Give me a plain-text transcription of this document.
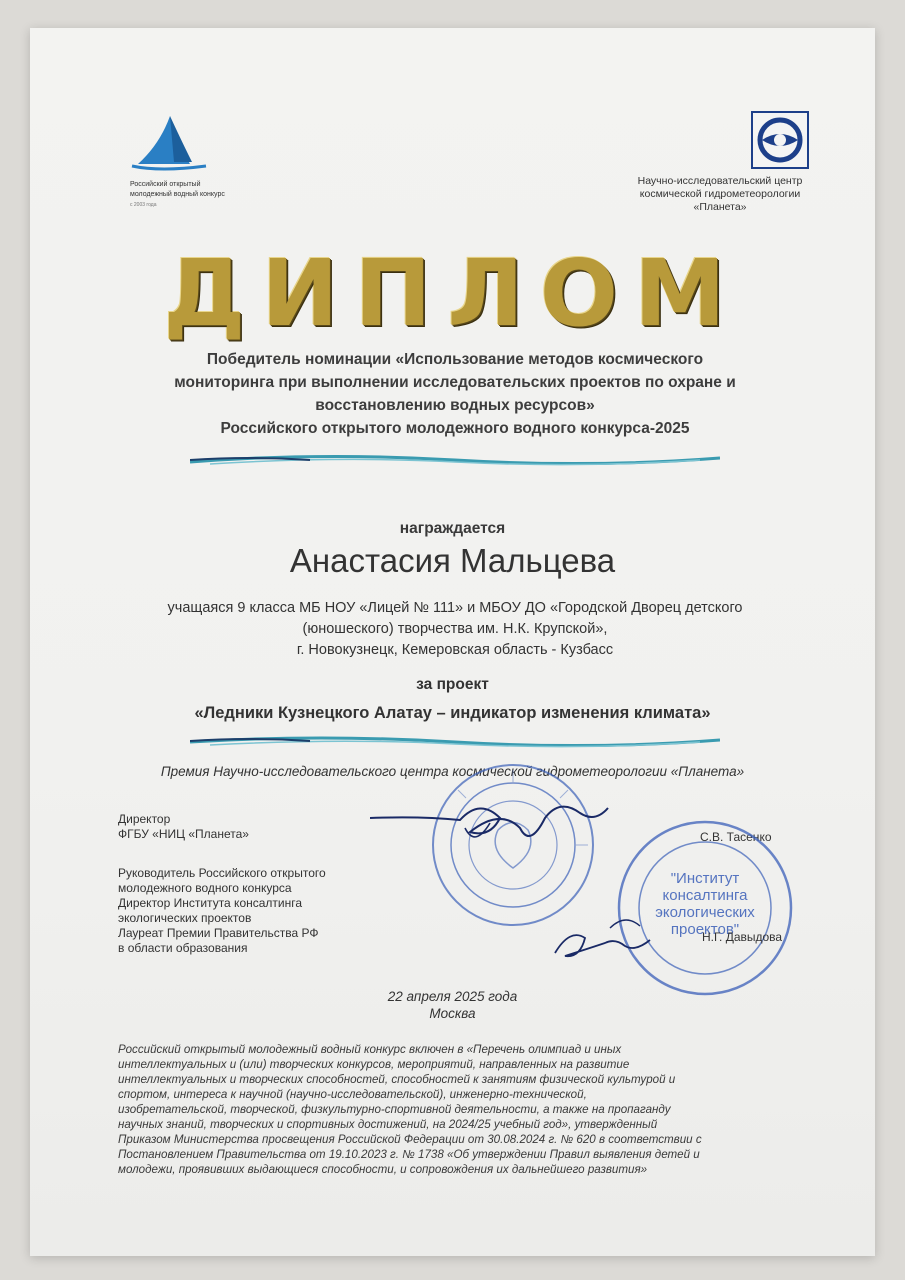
Российский открытый
молодежный водный конкурс
с 2003 года
Научно-исследовательский центр
космической гидрометеорологии
«Планета»
ДИПЛОМ
Победитель номинации «Использование методов космического
мониторинга при выполнении исследовательских проектов по охране и
восстановлению водных ресурсов»
Российского открытого молодежного водного конкурса-2025
награждается
Анастасия Мальцева
учащаяся 9 класса МБ НОУ «Лицей № 111» и МБОУ ДО «Городской Дворец детского
(юношеского) творчества им. Н.К. Крупской»,
г. Новокузнецк, Кемеровская область - Кузбасс
за проект
«Ледники Кузнецкого Алатау – индикатор изменения климата»
Премия Научно-исследовательского центра космической гидрометеорологии «Планета»
Директор
ФГБУ «НИЦ «Планета»	С.В. Тасенко
Руководитель Российского открытого
молодежного водного конкурса
Директор Института консалтинга
экологических проектов
Лауреат Премии Правительства РФ
в области образования
"Институт
консалтинга
экологических
проектов"
Н.Г. Давыдова
22 апреля 2025 года
Москва
Российский открытый молодежный водный конкурс включен в «Перечень олимпиад и иных
интеллектуальных и (или) творческих конкурсов, мероприятий, направленных на развитие
интеллектуальных и творческих способностей, способностей к занятиям физической культурой и
спортом, интереса к научной (научно-исследовательской), инженерно-технической,
изобретательской, творческой, физкультурно-спортивной деятельности, а также на пропаганду
научных знаний, творческих и спортивных достижений, на 2024/25 учебный год», утвержденный
Приказом Министерства просвещения Российской Федерации от 30.08.2024 г. № 620 в соответствии с
Постановлением Правительства от 19.10.2023 г. № 1738 «Об утверждении Правил выявления детей и
молодежи, проявивших выдающиеся способности, и сопровождения их дальнейшего развития»
